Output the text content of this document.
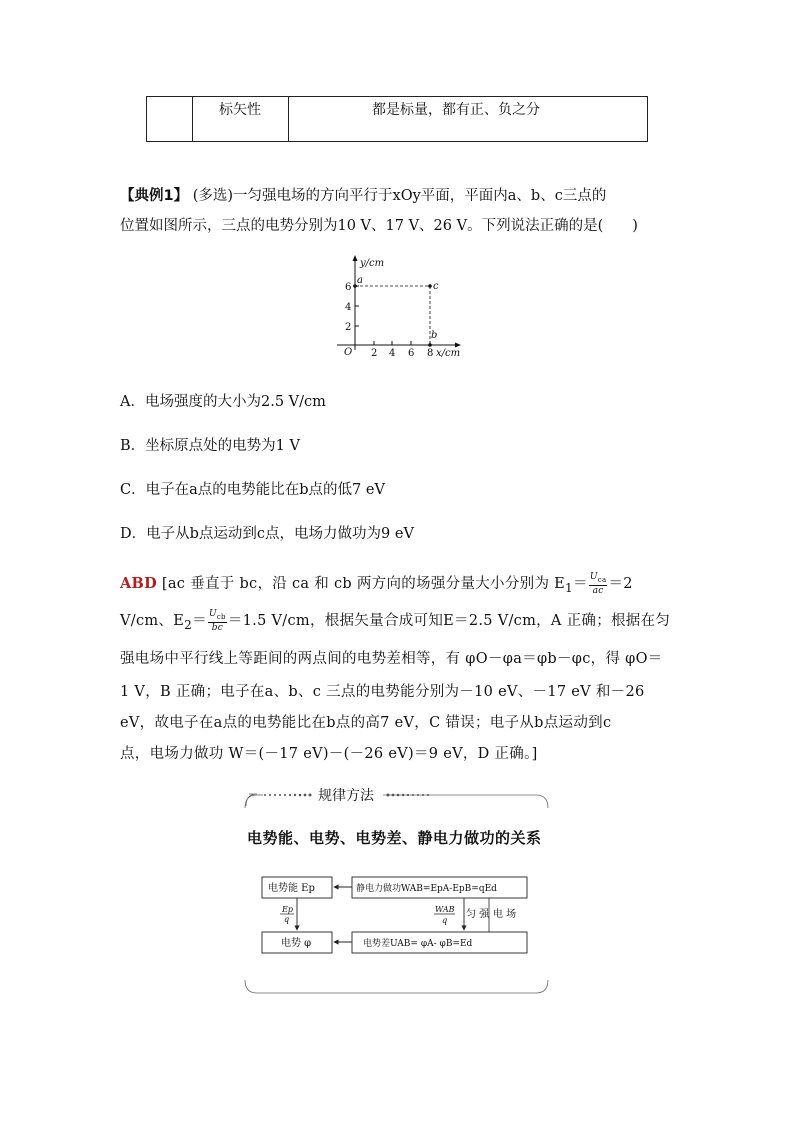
标矢性	都是标量，都有正、负之分
【典例1】 (多选)一匀强电场的方向平行于xOy平面，平面内a、b、c三点的
位置如图所示，三点的电势分别为10 V、17 V、26 V。下列说法正确的是(　　)
y/cm
x/cm
O
2
4
6
2 4 6 8
a
c
b
A．电场强度的大小为2.5 V/cm
B．坐标原点处的电势为1 V
C．电子在a点的电势能比在b点的低7 eV
D．电子从b点运动到c点，电场力做功为9 eV
ABD [ac 垂直于 bc，沿 ca 和 cb 两方向的场强分量大小分别为 $E_1= \frac{U_{ca}}{ac} =2$
V/cm、$E_2= \frac{U_{cb}}{bc} =1.5$ V/cm，根据矢量合成可知E＝2.5 V/cm，A 正确；根据在匀
强电场中平行线上等距间的两点间的电势差相等，有 φO－φa＝φb－φc，得 φO＝
1 V，B 正确；电子在a、b、c 三点的电势能分别为－10 eV、－17 eV 和－26
eV，故电子在a点的电势能比在b点的高7 eV，C 错误；电子从b点运动到c
点，电场力做功 W＝(－17 eV)－(－26 eV)＝9 eV，D 正确。]
规律方法
电势能、电势、电势差、静电力做功的关系
电势能 Ep	静电力做功WAB=EpA-EpB=qEd
电势 φ	电势差UAB= φA- φB=Ed
Ep
q
WAB
q
匀 强 电 场
